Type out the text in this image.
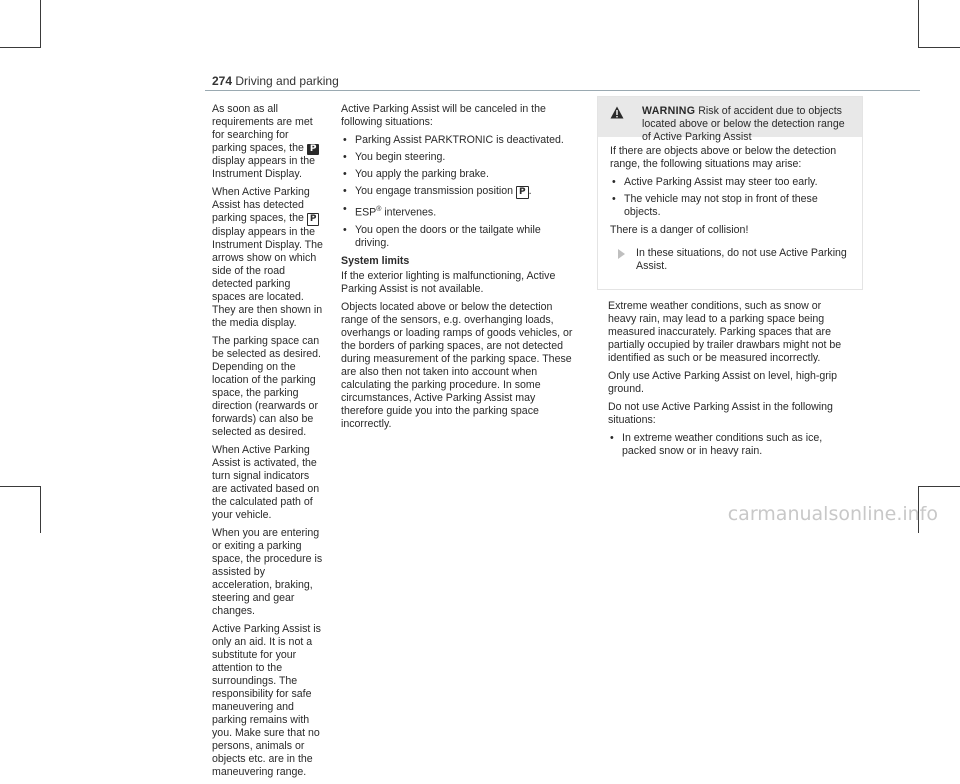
274 Driving and parking

As soon as all requirements are met for searching for parking spaces, the P display appears in the Instrument Display.

When Active Parking Assist has detected parking spaces, the P display appears in the Instrument Display. The arrows show on which side of the road detected parking spaces are located. They are then shown in the media display.

The parking space can be selected as desired. Depending on the location of the parking space, the parking direction (rearwards or forwards) can also be selected as desired.

When Active Parking Assist is activated, the turn signal indicators are activated based on the calculated path of your vehicle.

When you are entering or exiting a parking space, the procedure is assisted by acceleration, braking, steering and gear changes.

Active Parking Assist is only an aid. It is not a substitute for your attention to the surroundings. The responsibility for safe maneuvering and parking remains with you. Make sure that no persons, animals or objects etc. are in the maneuvering range.

Active Parking Assist will be canceled in the following situations:

• Parking Assist PARKTRONIC is deactivated.
• You begin steering.
• You apply the parking brake.
• You engage transmission position P .
• ESP® intervenes.
• You open the doors or the tailgate while driving.
System limits

If the exterior lighting is malfunctioning, Active Parking Assist is not available.

Objects located above or below the detection range of the sensors, e.g. overhanging loads, overhangs or loading ramps of goods vehicles, or the borders of parking spaces, are not detected during measurement of the parking space. These are also then not taken into account when calculating the parking procedure. In some circumstances, Active Parking Assist may therefore guide you into the parking space incorrectly.

WARNING Risk of accident due to objects located above or below the detection range of Active Parking Assist

If there are objects above or below the detection range, the following situations may arise:

• Active Parking Assist may steer too early.
• The vehicle may not stop in front of these objects.

There is a danger of collision!

In these situations, do not use Active Parking Assist.

Extreme weather conditions, such as snow or heavy rain, may lead to a parking space being measured inaccurately. Parking spaces that are partially occupied by trailer drawbars might not be identified as such or be measured incorrectly.

Only use Active Parking Assist on level, high-grip ground.

Do not use Active Parking Assist in the following situations:

• In extreme weather conditions such as ice, packed snow or in heavy rain.
carmanualsonline.info
